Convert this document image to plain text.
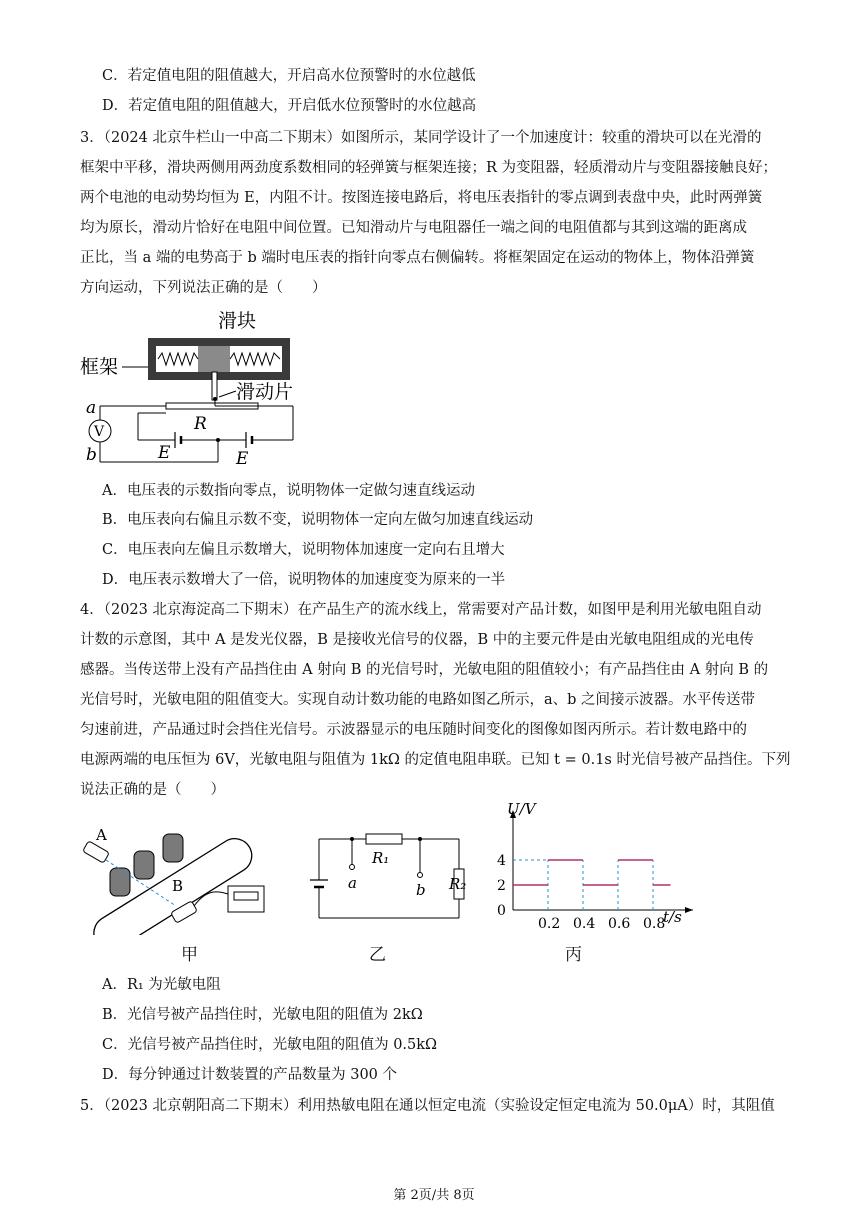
C．若定值电阻的阻值越大，开启高水位预警时的水位越低
D．若定值电阻的阻值越大，开启低水位预警时的水位越高
3．（2024 北京牛栏山一中高二下期末）如图所示，某同学设计了一个加速度计：较重的滑块可以在光滑的
框架中平移，滑块两侧用两劲度系数相同的轻弹簧与框架连接；R 为变阻器，轻质滑动片与变阻器接触良好；
两个电池的电动势均恒为 E，内阻不计。按图连接电路后，将电压表指针的零点调到表盘中央，此时两弹簧
均为原长，滑动片恰好在电阻中间位置。已知滑动片与电阻器任一端之间的电阻值都与其到这端的距离成
正比，当 a 端的电势高于 b 端时电压表的指针向零点右侧偏转。将框架固定在运动的物体上，物体沿弹簧
方向运动，下列说法正确的是（　　）
滑块
框架
滑动片
R
V
a
b	E	E
A．电压表的示数指向零点，说明物体一定做匀速直线运动
B．电压表向右偏且示数不变，说明物体一定向左做匀加速直线运动
C．电压表向左偏且示数增大，说明物体加速度一定向右且增大
D．电压表示数增大了一倍，说明物体的加速度变为原来的一半
4．（2023 北京海淀高二下期末）在产品生产的流水线上，常需要对产品计数，如图甲是利用光敏电阻自动
计数的示意图，其中 A 是发光仪器，B 是接收光信号的仪器，B 中的主要元件是由光敏电阻组成的光电传
感器。当传送带上没有产品挡住由 A 射向 B 的光信号时，光敏电阻的阻值较小；有产品挡住由 A 射向 B 的
光信号时，光敏电阻的阻值变大。实现自动计数功能的电路如图乙所示，a、b 之间接示波器。水平传送带
匀速前进，产品通过时会挡住光信号。示波器显示的电压随时间变化的图像如图丙所示。若计数电路中的
电源两端的电压恒为 6V，光敏电阻与阻值为 1kΩ 的定值电阻串联。已知 t = 0.1s 时光信号被产品挡住。下列
说法正确的是（　　）
A
B
R₁
R₂
a	b
U/V
t/s
0
2
4
0.2 0.4 0.6 0.8
甲	乙	丙
A．R₁ 为光敏电阻
B．光信号被产品挡住时，光敏电阻的阻值为 2kΩ
C．光信号被产品挡住时，光敏电阻的阻值为 0.5kΩ
D．每分钟通过计数装置的产品数量为 300 个
5．（2023 北京朝阳高二下期末）利用热敏电阻在通以恒定电流（实验设定恒定电流为 50.0μA）时，其阻值
第 2页/共 8页
